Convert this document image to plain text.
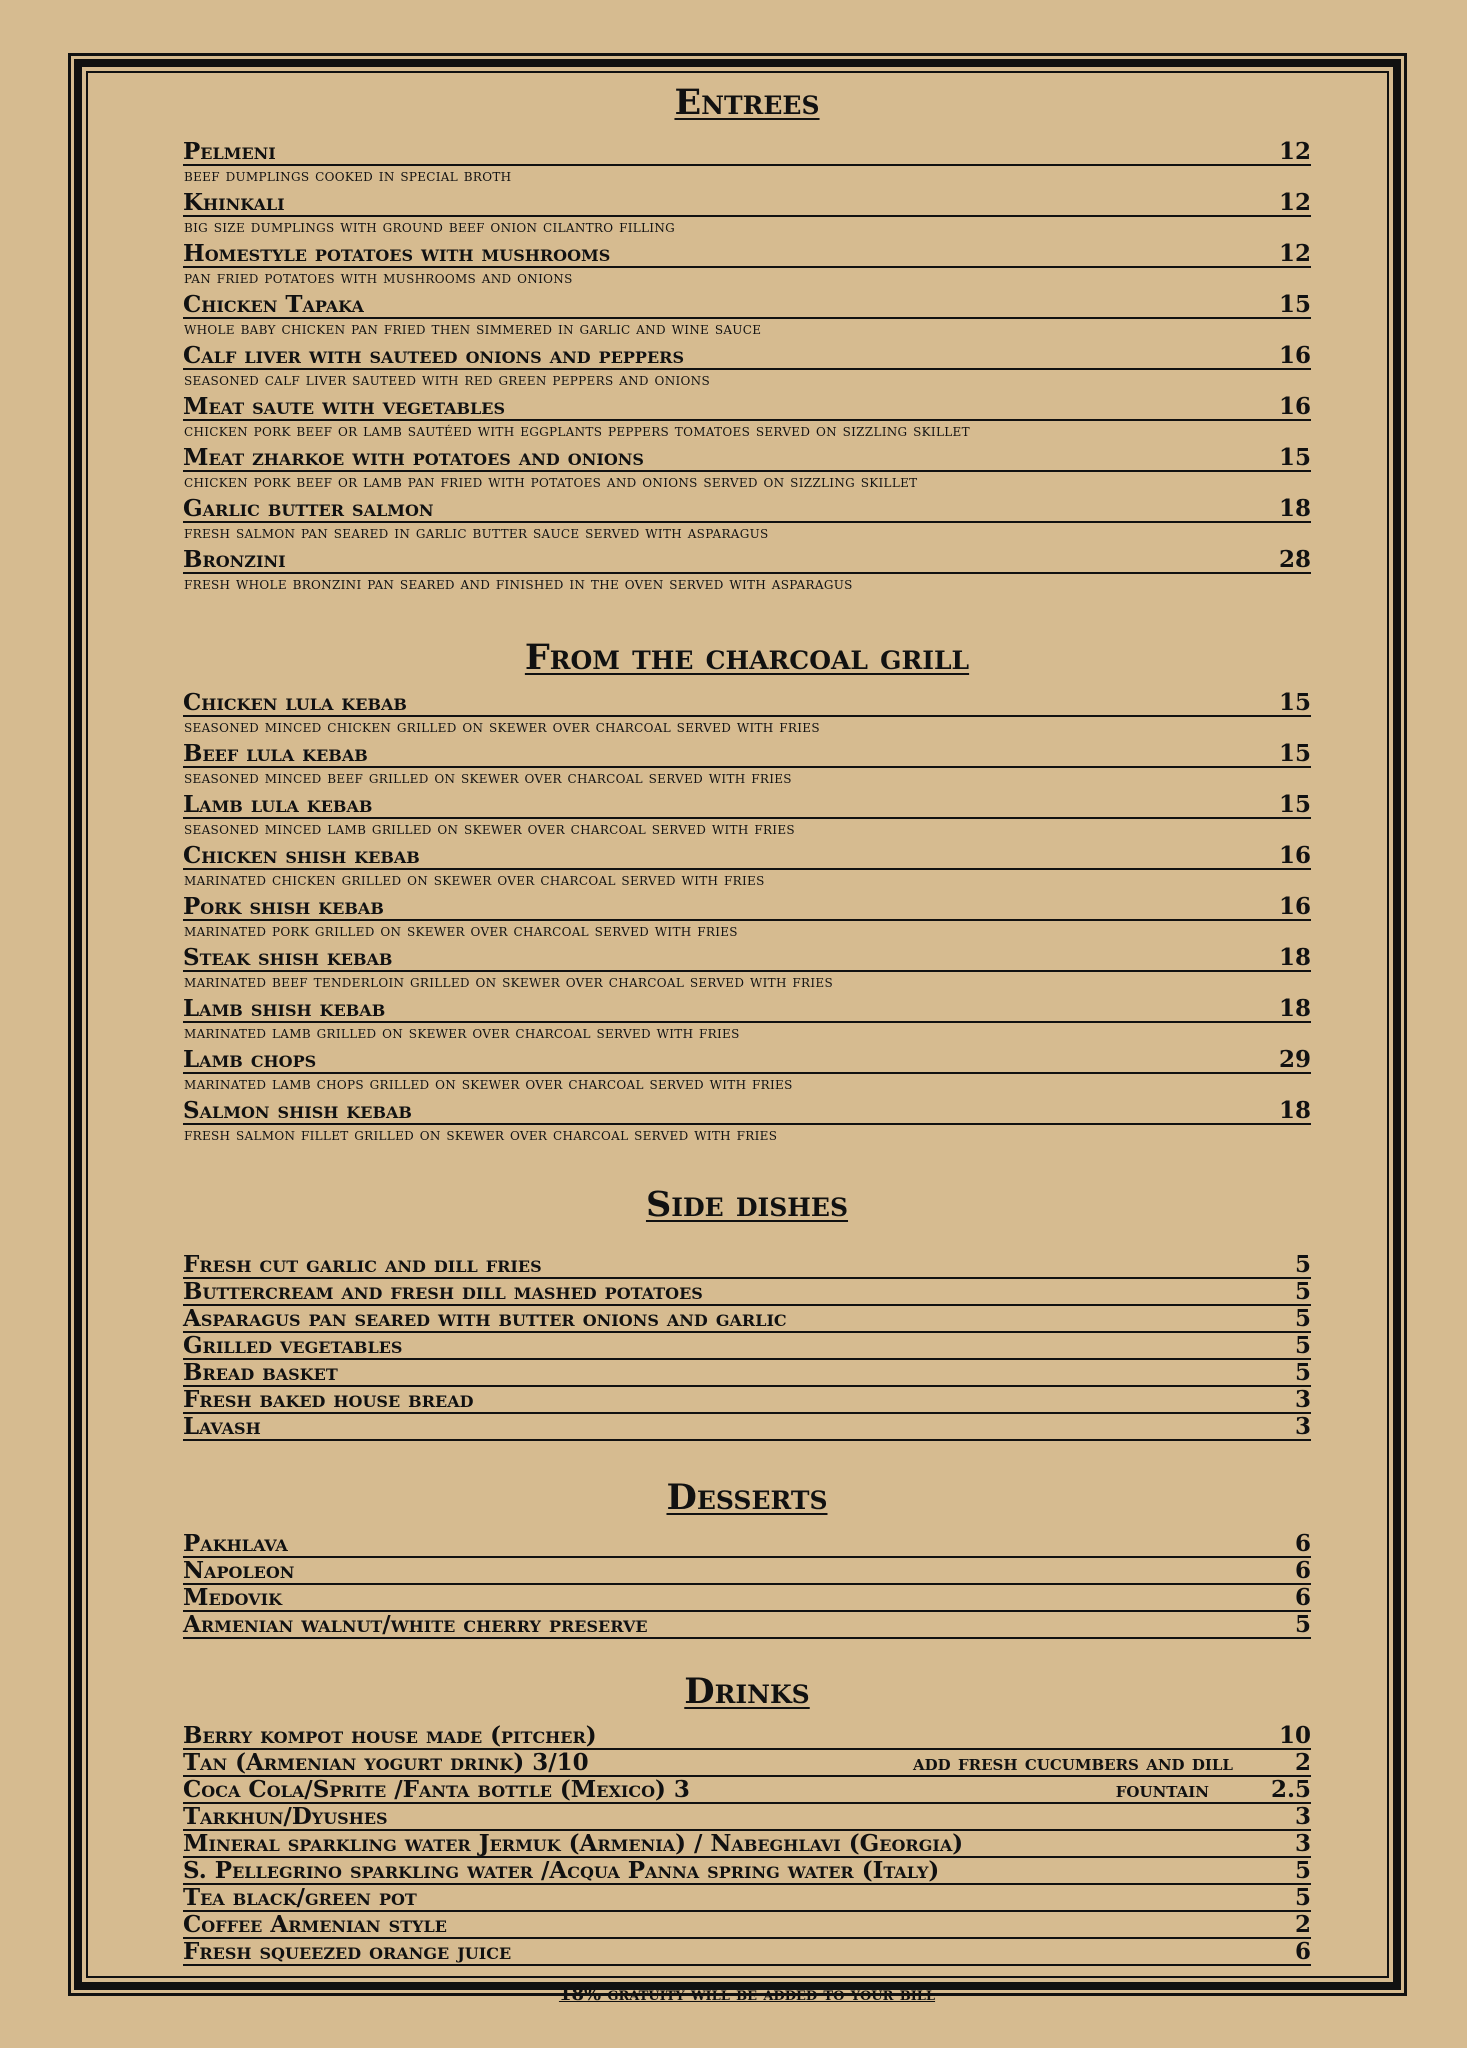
Entrees
Pelmeni	12
beef dumplings cooked in special broth
Khinkali	12
big size dumplings with ground beef onion cilantro filling
Homestyle potatoes with mushrooms	12
pan fried potatoes with mushrooms and onions
Chicken Tapaka	15
whole baby chicken pan fried then simmered in garlic and wine sauce
Calf liver with sauteed onions and peppers	16
seasoned calf liver sauteed with red green peppers and onions
Meat saute with vegetables	16
chicken pork beef or lamb sautéed with eggplants peppers tomatoes served on sizzling skillet
Meat zharkoe with potatoes and onions	15
chicken pork beef or lamb pan fried with potatoes and onions served on sizzling skillet
Garlic butter salmon	18
fresh salmon pan seared in garlic butter sauce served with asparagus
Bronzini	28
fresh whole bronzini pan seared and finished in the oven served with asparagus
From the charcoal grill
Chicken lula kebab	15
seasoned minced chicken grilled on skewer over charcoal served with fries
Beef lula kebab	15
seasoned minced beef grilled on skewer over charcoal served with fries
Lamb lula kebab	15
seasoned minced lamb grilled on skewer over charcoal served with fries
Chicken shish kebab	16
marinated chicken grilled on skewer over charcoal served with fries
Pork shish kebab	16
marinated pork grilled on skewer over charcoal served with fries
Steak shish kebab	18
marinated beef tenderloin grilled on skewer over charcoal served with fries
Lamb shish kebab	18
marinated lamb grilled on skewer over charcoal served with fries
Lamb chops	29
marinated lamb chops grilled on skewer over charcoal served with fries
Salmon shish kebab	18
fresh salmon fillet grilled on skewer over charcoal served with fries
Side dishes
Fresh cut garlic and dill fries	5
Buttercream and fresh dill mashed potatoes	5
Asparagus pan seared with butter onions and garlic	5
Grilled vegetables	5
Bread basket	5
Fresh baked house bread	3
Lavash	3
Desserts
Pakhlava	6
Napoleon	6
Medovik	6
Armenian walnut/white cherry preserve	5
Drinks
Berry kompot house made (pitcher)	10
Tan (Armenian yogurt drink) 3/10	add fresh cucumbers and dill	2
Coca Cola/Sprite /Fanta bottle (Mexico) 3	fountain	2.5
Tarkhun/Dyushes	3
Mineral sparkling water Jermuk (Armenia) / Nabeghlavi (Georgia)	3
S. Pellegrino sparkling water /Acqua Panna spring water (Italy)	5
Tea black/green pot	5
Coffee Armenian style	2
Fresh squeezed orange juice	6
18% gratuity will be added to your bill
